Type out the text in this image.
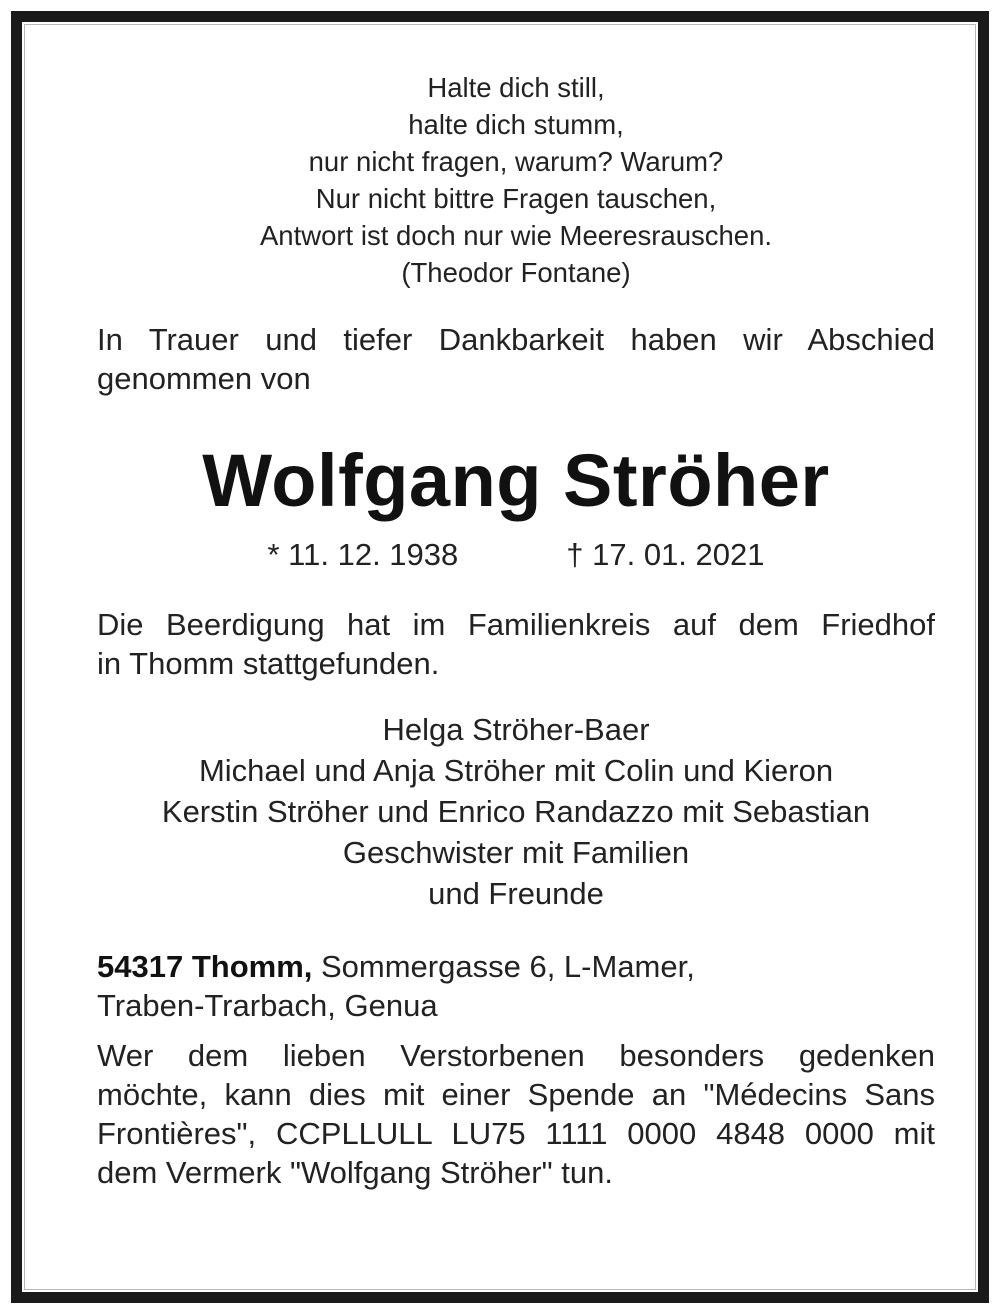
Halte dich still,
halte dich stumm,
nur nicht fragen, warum? Warum?
Nur nicht bittre Fragen tauschen,
Antwort ist doch nur wie Meeresrauschen.
(Theodor Fontane)
In Trauer und tiefer Dankbarkeit haben wir Abschied
genommen von
Wolfgang Ströher
* 11. 12. 1938	† 17. 01. 2021
Die Beerdigung hat im Familienkreis auf dem Friedhof
in Thomm stattgefunden.
Helga Ströher-Baer
Michael und Anja Ströher mit Colin und Kieron
Kerstin Ströher und Enrico Randazzo mit Sebastian
Geschwister mit Familien
und Freunde
54317 Thomm, Sommergasse 6, L-Mamer,
Traben-Trarbach, Genua
Wer dem lieben Verstorbenen besonders gedenken
möchte, kann dies mit einer Spende an "Médecins Sans
Frontières", CCPLLULL LU75 1111 0000 4848 0000 mit
dem Vermerk "Wolfgang Ströher" tun.
